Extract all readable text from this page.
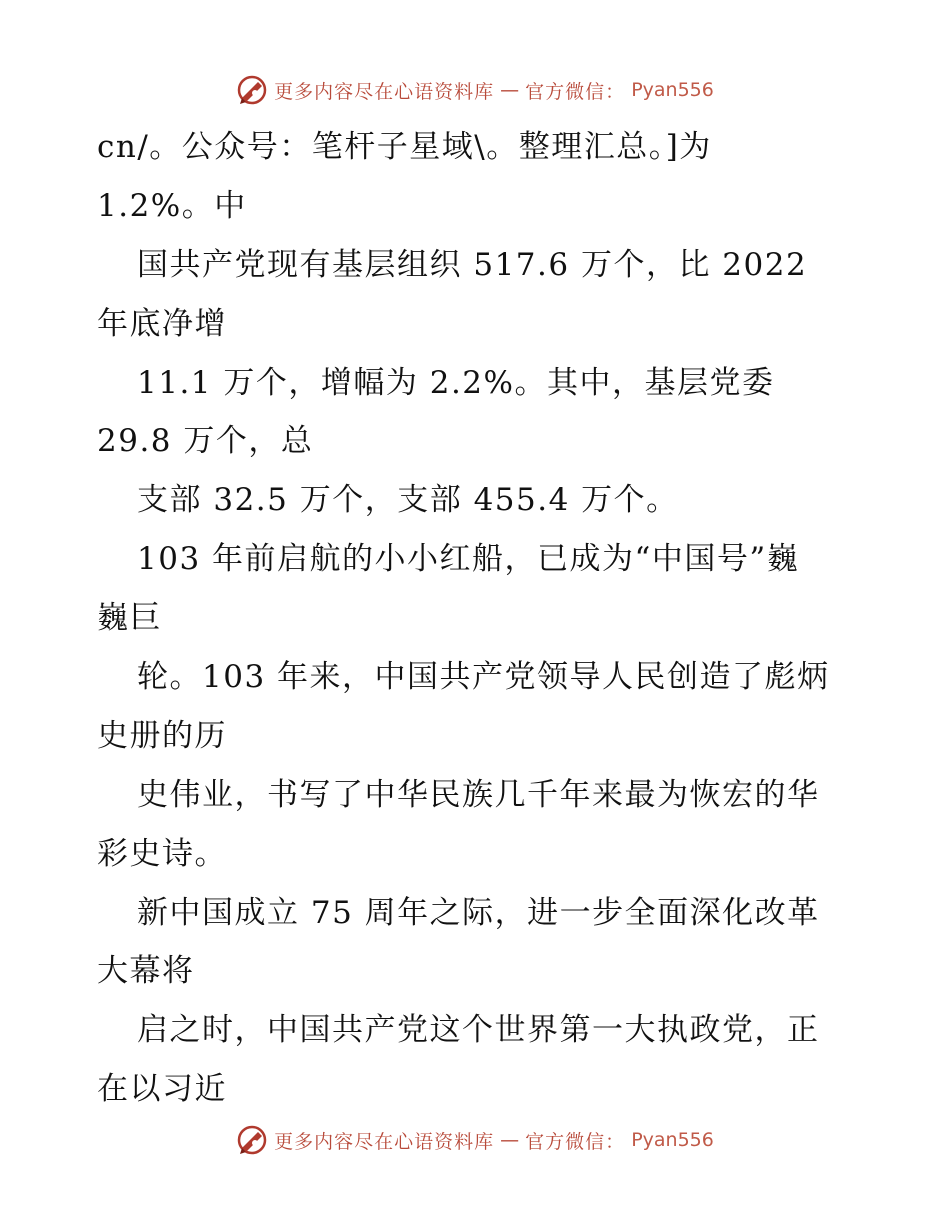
更多内容尽在心语资料库 — 官方微信： Pyan556
cn/。公众号：笔杆子星域\。整理汇总。]为
1.2%。中
国共产党现有基层组织 517.6 万个，比 2022
年底净增
11.1 万个，增幅为 2.2%。其中，基层党委
29.8 万个，总
支部 32.5 万个，支部 455.4 万个。
103 年前启航的小小红船，已成为“中国号”巍
巍巨
轮。103 年来，中国共产党领导人民创造了彪炳
史册的历
史伟业，书写了中华民族几千年来最为恢宏的华
彩史诗。
新中国成立 75 周年之际，进一步全面深化改革
大幕将
启之时，中国共产党这个世界第一大执政党，正
在以习近
更多内容尽在心语资料库 — 官方微信： Pyan556
